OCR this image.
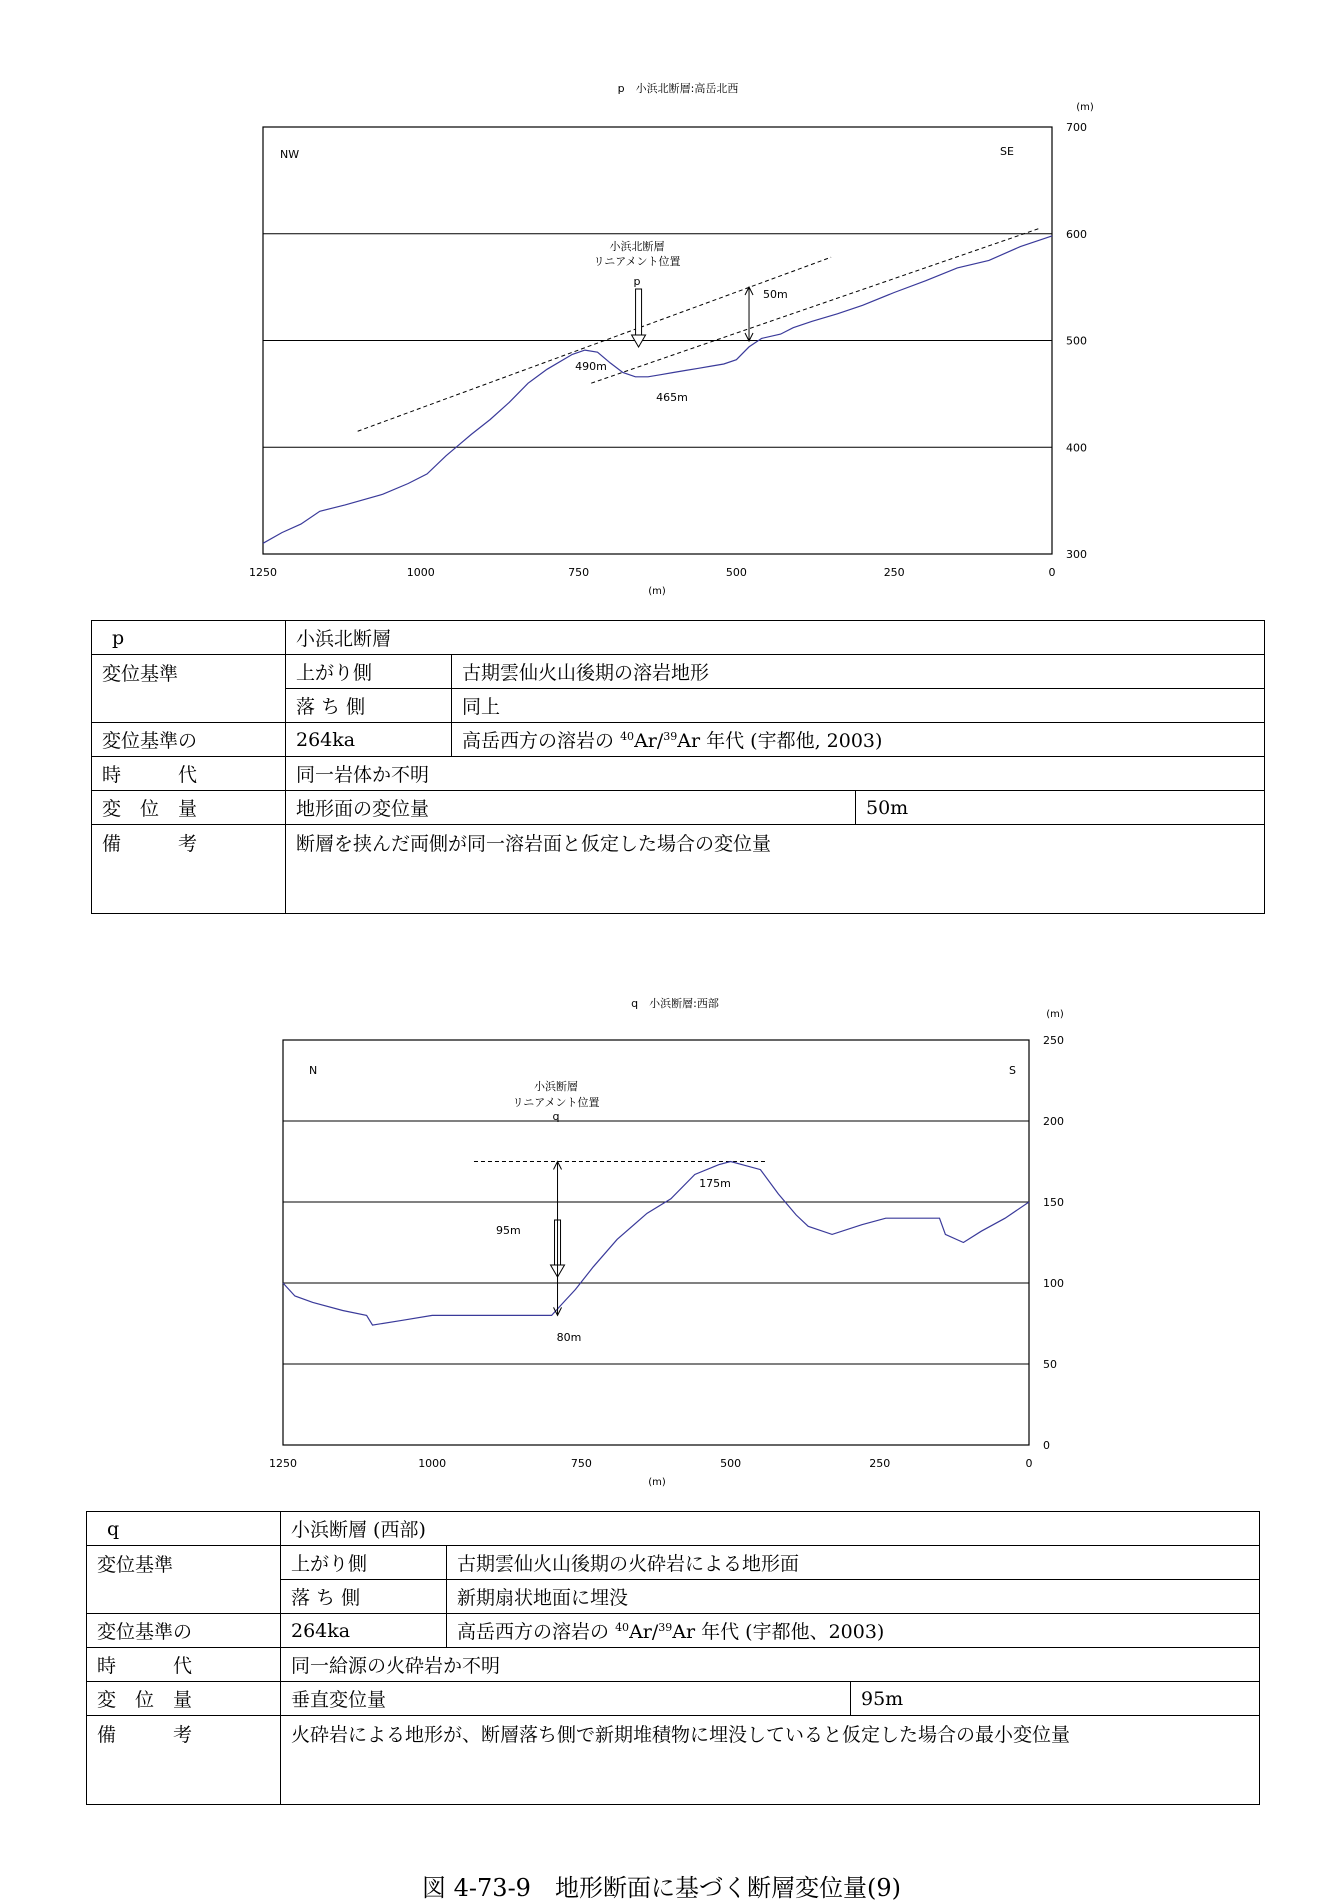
p　小浜北断層:高岳北西
(m)
300
400
500
600
700
1250	1000	750	500	250	0
(m)
NW	SE
小浜北断層
リニアメント位置
p
490m
465m
50m
p	小浜北断層		
変位基準	上がり側	古期雲仙火山後期の溶岩地形	
	落 ち 側	同上	
変位基準の	264ka	高岳西方の溶岩の $^{40}$Ar/$^{39}$Ar 年代 (宇都他, 2003)	
時　　　代	同一岩体か不明		
変　位　量	地形面の変位量		50m
備　　　考	断層を挟んだ両側が同一溶岩面と仮定した場合の変位量		
q　小浜断層:西部
(m)
0
50
100
150
200
250
1250	1000	750	500	250	0
(m)
N	S
小浜断層
リニアメント位置
q
175m
80m
95m
q	小浜断層 (西部)		
変位基準	上がり側	古期雲仙火山後期の火砕岩による地形面	
	落 ち 側	新期扇状地面に埋没	
変位基準の	264ka	高岳西方の溶岩の $^{40}$Ar/$^{39}$Ar 年代 (宇都他、2003)	
時　　　代	同一給源の火砕岩か不明		
変　位　量	垂直変位量		95m
備　　　考	火砕岩による地形が、断層落ち側で新期堆積物に埋没していると仮定した場合の最小変位量		
図 4-73-9　地形断面に基づく断層変位量(9)
